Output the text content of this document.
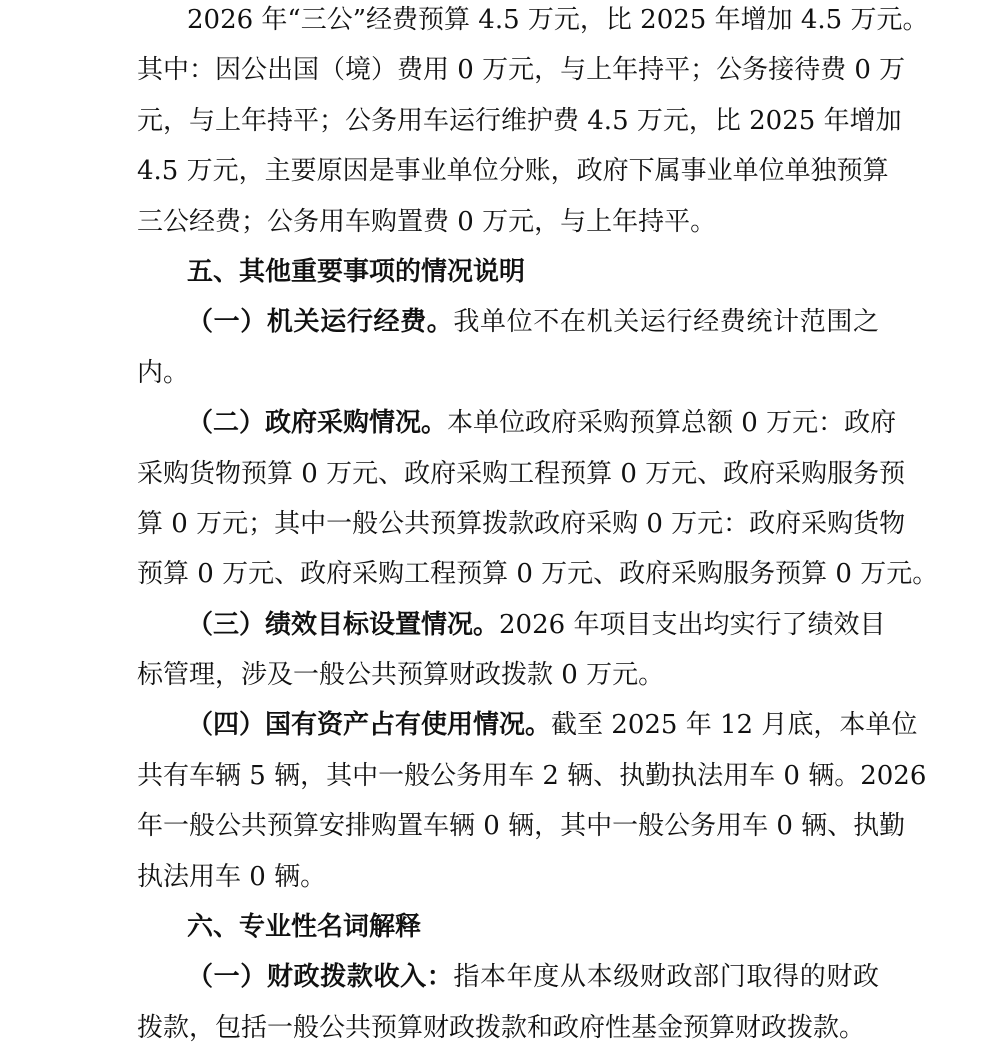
2026 年“三公”经费预算 4.5 万元，比 2025 年增加 4.5 万元。
其中：因公出国（境）费用 0 万元，与上年持平；公务接待费 0 万
元，与上年持平；公务用车运行维护费 4.5 万元，比 2025 年增加
4.5 万元，主要原因是事业单位分账，政府下属事业单位单独预算
三公经费；公务用车购置费 0 万元，与上年持平。
五、其他重要事项的情况说明
（一）机关运行经费。我单位不在机关运行经费统计范围之
内。
（二）政府采购情况。本单位政府采购预算总额 0 万元：政府
采购货物预算 0 万元、政府采购工程预算 0 万元、政府采购服务预
算 0 万元；其中一般公共预算拨款政府采购 0 万元：政府采购货物
预算 0 万元、政府采购工程预算 0 万元、政府采购服务预算 0 万元。
（三）绩效目标设置情况。2026 年项目支出均实行了绩效目
标管理，涉及一般公共预算财政拨款 0 万元。
（四）国有资产占有使用情况。截至 2025 年 12 月底，本单位
共有车辆 5 辆，其中一般公务用车 2 辆、执勤执法用车 0 辆。2026
年一般公共预算安排购置车辆 0 辆，其中一般公务用车 0 辆、执勤
执法用车 0 辆。
六、专业性名词解释
（一）财政拨款收入：指本年度从本级财政部门取得的财政
拨款，包括一般公共预算财政拨款和政府性基金预算财政拨款。
